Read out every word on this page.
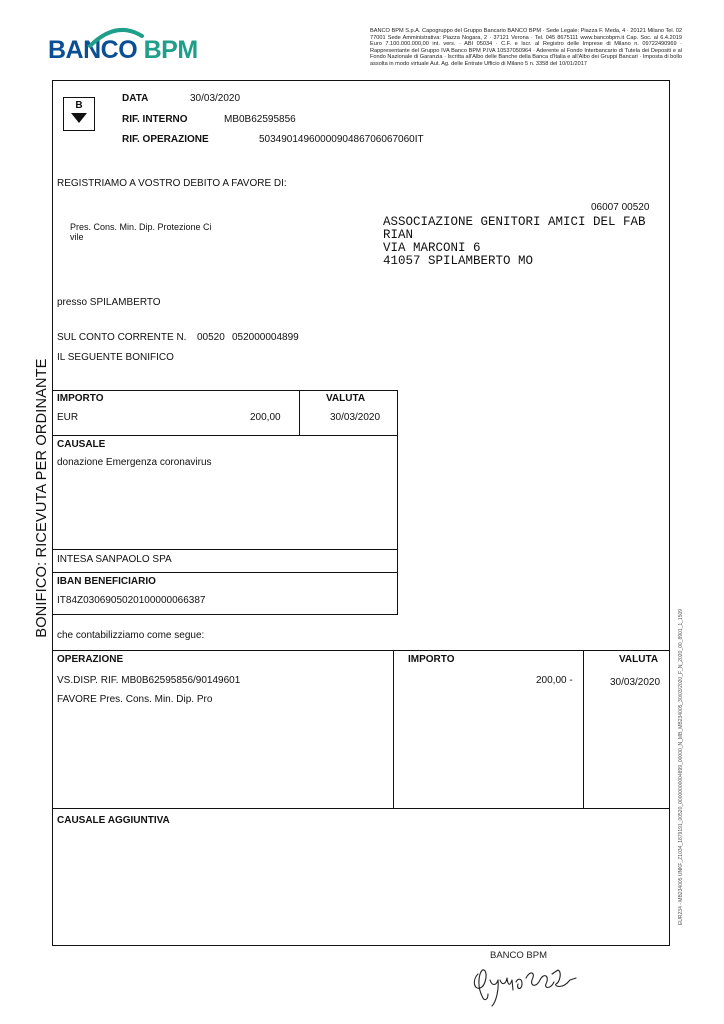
BANCO BPM
BANCO BPM S.p.A. Capogruppo del Gruppo Bancario BANCO BPM · Sede Legale: Piazza F. Meda, 4 · 20121 Milano Tel. 02 77001 Sede Amministrativa: Piazza Nogara, 2 · 37121 Verona · Tel. 045 8675111 www.bancobpm.it Cap. Soc. al 6.4.2019 Euro 7.100.000.000,00 int. vers. · ABI 05034 · C.F. e Iscr. al Registro delle Imprese di Milano n. 09722490969 · Rappresentante del Gruppo IVA Banco BPM P.IVA 10537050964 · Aderente al Fondo Interbancario di Tutela dei Depositi e al Fondo Nazionale di Garanzia · Iscritta all'Albo delle Banche della Banca d'Italia e all'Albo dei Gruppi Bancari · Imposta di bollo assolta in modo virtuale Aut. Ag. delle Entrate Ufficio di Milano 5 n. 3358 del 10/01/2017
BONIFICO: RICEVUTA PER ORDINANTE
EUR234 - MB234005 UNKF_Z1034_1879191_00520_00000000004899_00000_N_MB_MB234005_30/03/2020_F_N_2020_00_8901_1_1509
B
DATA	30/03/2020
RIF. INTERNO	MB0B62595856
RIF. OPERAZIONE	5034901496000090486706067060IT
REGISTRIAMO A VOSTRO DEBITO A FAVORE DI:
06007 00520
Pres. Cons. Min. Dip. Protezione Ci
vile
ASSOCIAZIONE GENITORI AMICI DEL FAB
RIAN
VIA MARCONI 6
41057 SPILAMBERTO MO
presso SPILAMBERTO
SUL CONTO CORRENTE N. 00520 052000004899
IL SEGUENTE BONIFICO
IMPORTO	VALUTA
EUR	200,00	30/03/2020
CAUSALE
donazione Emergenza coronavirus
INTESA SANPAOLO SPA
IBAN BENEFICIARIO
IT84Z0306905020100000066387
che contabilizziamo come segue:
OPERAZIONE	IMPORTO	VALUTA
VS.DISP. RIF. MB0B62595856/90149601
FAVORE Pres. Cons. Min. Dip. Pro
200,00 -	30/03/2020
CAUSALE AGGIUNTIVA
BANCO BPM
